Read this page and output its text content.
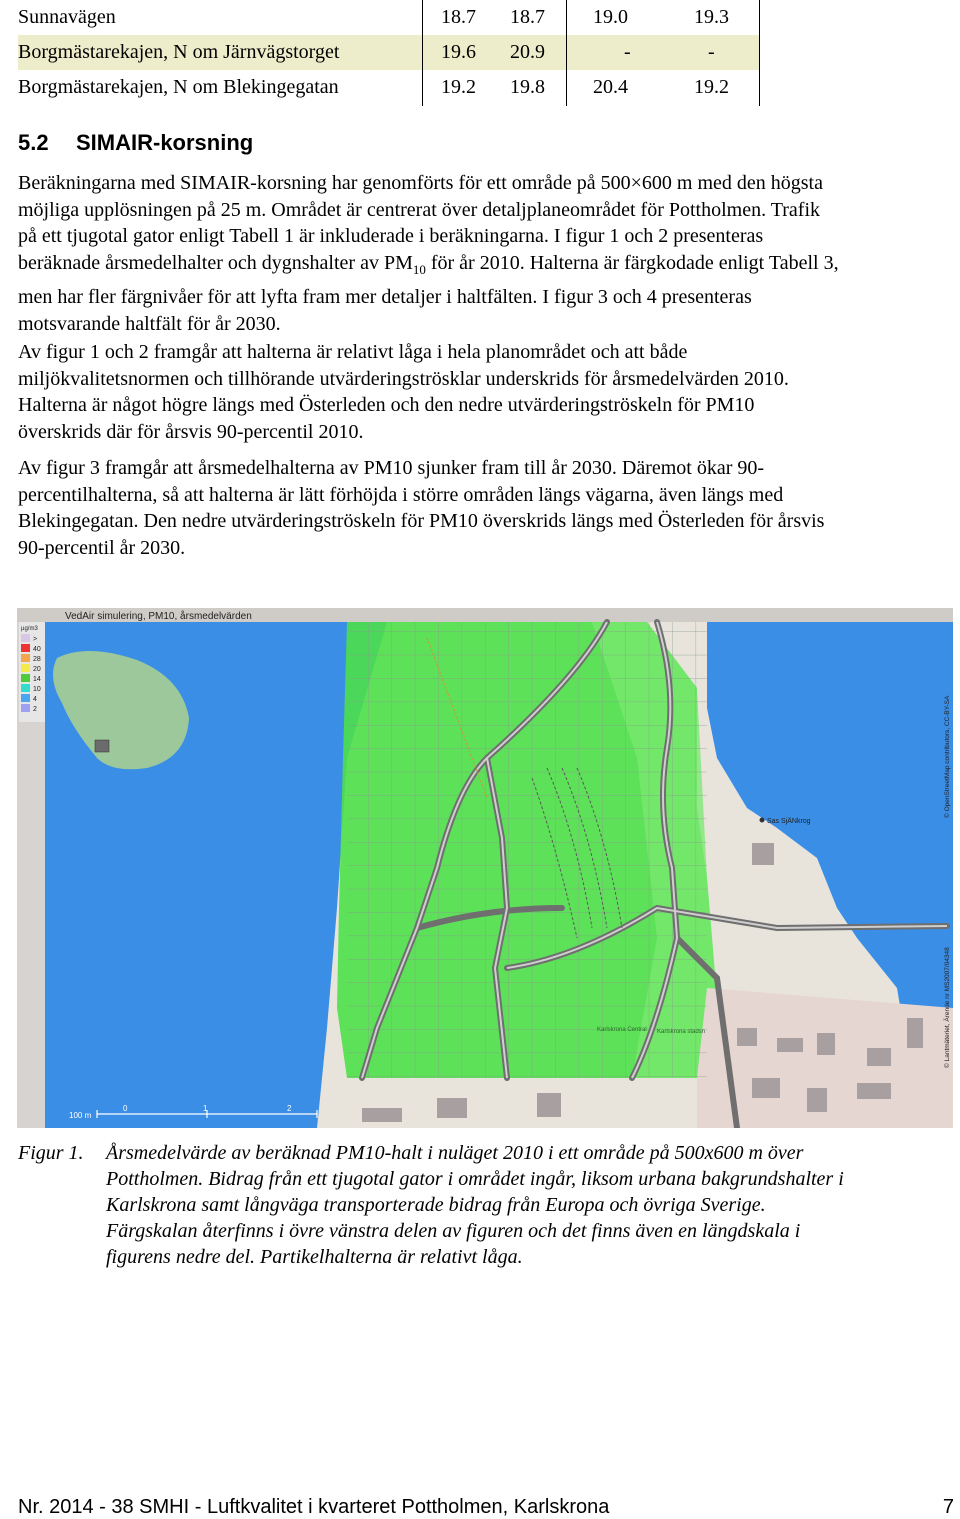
Sunnavägen	18.7 18.7 19.0	19.3
Borgmästarekajen, N om Järnvägstorget	19.6 20.9	-	-
Borgmästarekajen, N om Blekingegatan	19.2 19.8 20.4	19.2
5.2 SIMAIR-korsning
Beräkningarna med SIMAIR-korsning har genomförts för ett område på 500×600 m med den högsta
möjliga upplösningen på 25 m. Området är centrerat över detaljplaneområdet för Pottholmen. Trafik
på ett tjugotal gator enligt Tabell 1 är inkluderade i beräkningarna. I figur 1 och 2 presenteras
beräknade årsmedelhalter och dygnshalter av $PM_{10}$ för år 2010. Halterna är färgkodade enligt Tabell 3,
men har fler färgnivåer för att lyfta fram mer detaljer i haltfälten. I figur 3 och 4 presenteras
motsvarande haltfält för år 2030.
Av figur 1 och 2 framgår att halterna är relativt låga i hela planområdet och att både
miljökvalitetsnormen och tillhörande utvärderingströsklar underskrids för årsmedelvärden 2010.
Halterna är något högre längs med Österleden och den nedre utvärderingströskeln för PM10
överskrids där för årsvis 90-percentil 2010.
Av figur 3 framgår att årsmedelhalterna av PM10 sjunker fram till år 2030. Däremot ökar 90-
percentilhalterna, så att halterna är lätt förhöjda i större områden längs vägarna, även längs med
Blekingegatan. Den nedre utvärderingströskeln för PM10 överskrids längs med Österleden för årsvis
90-percentil år 2030.
VedAir simulering, PM10, årsmedelvärden
Sas SjÄNkrog
Karlskrona Central Karlskrona stadsn
µg/m3
>
40
28
20
14
10
4
2
100 m
0	1	2
© OpenStreetMap contributors, CC-BY-SA
© Lantmäteriet, Ärende nr MS2007/04348
Figur 1. Årsmedelvärde av beräknad PM10-halt i nuläget 2010 i ett område på 500x600 m över
Pottholmen. Bidrag från ett tjugotal gator i området ingår, liksom urbana bakgrundshalter i
Karlskrona samt långväga transporterade bidrag från Europa och övriga Sverige.
Färgskalan återfinns i övre vänstra delen av figuren och det finns även en längdskala i
figurens nedre del. Partikelhalterna är relativt låga.
Nr. 2014 - 38 SMHI - Luftkvalitet i kvarteret Pottholmen, Karlskrona	7
